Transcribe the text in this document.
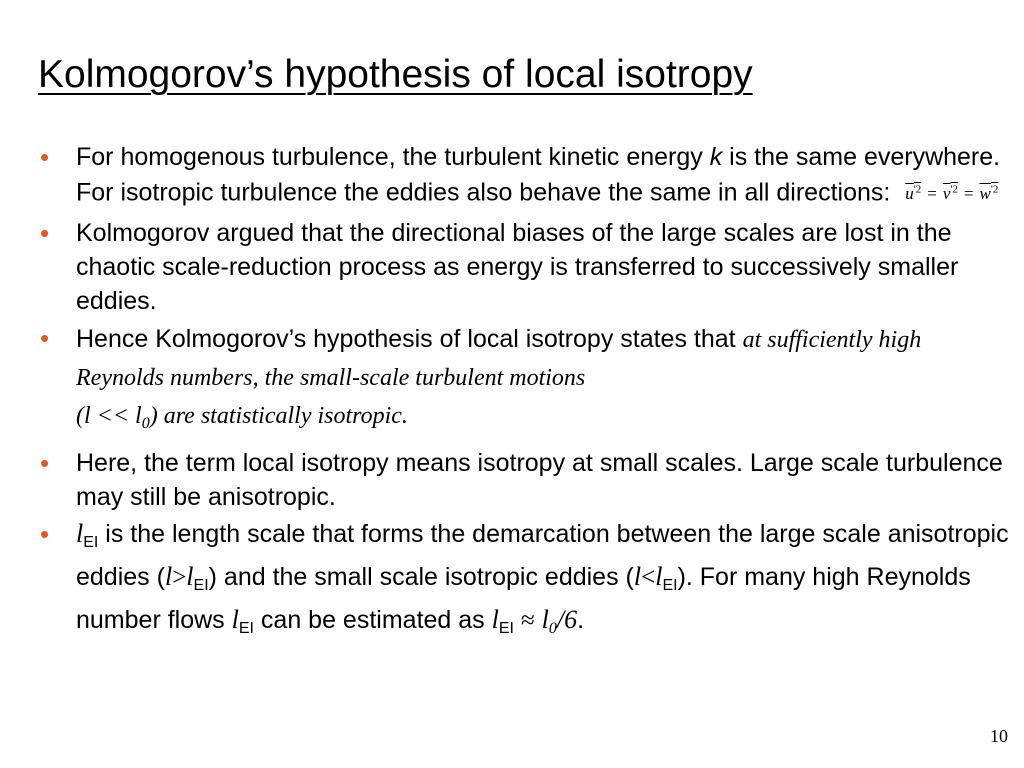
Kolmogorov’s hypothesis of local isotropy
• For homogenous turbulence, the turbulent kinetic energy k is the same everywhere. For isotropic turbulence the eddies also behave the same in all directions: $u^{'2} = v^{'2} = w^{'2}$
• Kolmogorov argued that the directional biases of the large scales are lost in the chaotic scale-reduction process as energy is transferred to successively smaller eddies.
• Hence Kolmogorov’s hypothesis of local isotropy states that at sufficiently high Reynolds numbers, the small-scale turbulent motions
$(l << l_0)$ are statistically isotropic.
• Here, the term local isotropy means isotropy at small scales. Large scale turbulence may still be anisotropic.
• $l_{EI}$ is the length scale that forms the demarcation between the large scale anisotropic eddies $(l>l_{EI})$ and the small scale isotropic eddies $(l<l_{EI})$. For many high Reynolds number flows $l_{EI}$ can be estimated as $l_{EI} \approx l_0/6$.
10
